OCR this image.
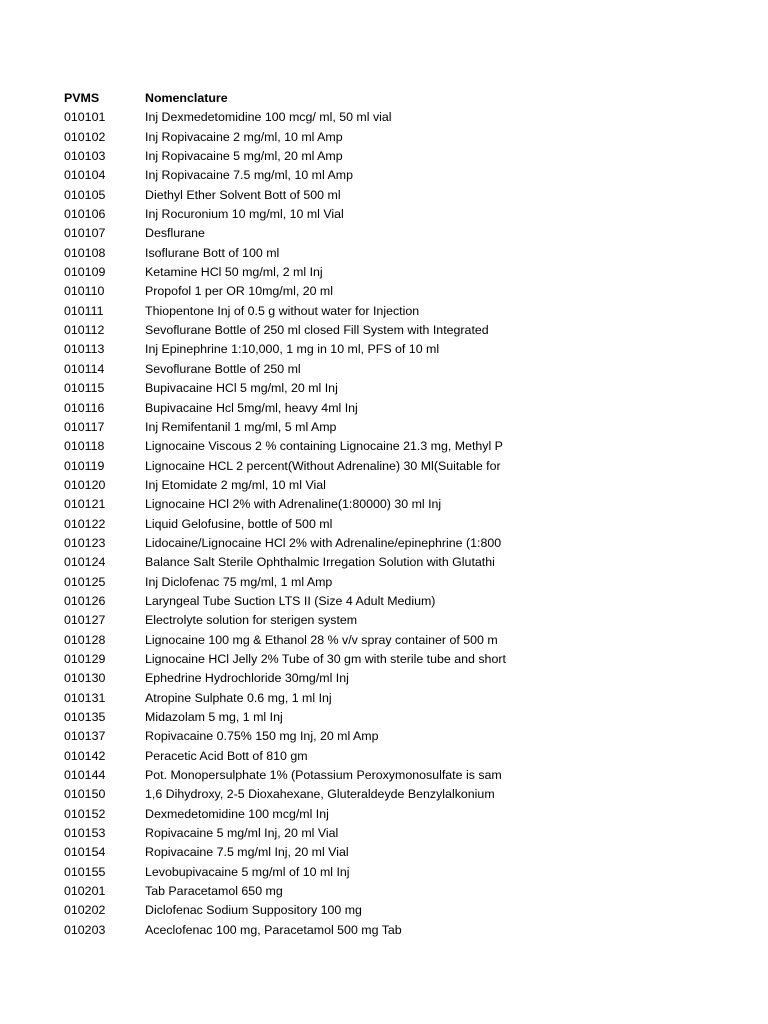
PVMS	Nomenclature
010101	Inj Dexmedetomidine 100 mcg/ ml, 50 ml vial
010102	Inj Ropivacaine 2 mg/ml, 10 ml Amp
010103	Inj Ropivacaine 5 mg/ml, 20 ml Amp
010104	Inj Ropivacaine 7.5 mg/ml, 10 ml Amp
010105	Diethyl Ether Solvent Bott of 500 ml
010106	Inj Rocuronium 10 mg/ml, 10 ml Vial
010107	Desflurane
010108	Isoflurane Bott of 100 ml
010109	Ketamine HCl 50 mg/ml, 2 ml Inj
010110	Propofol 1 per OR 10mg/ml, 20 ml
010111	Thiopentone Inj of 0.5 g without water for Injection
010112	Sevoflurane Bottle of 250 ml closed Fill System with Integrated
010113	Inj Epinephrine 1:10,000, 1 mg in 10 ml, PFS of 10 ml
010114	Sevoflurane Bottle of 250 ml
010115	Bupivacaine HCl 5 mg/ml, 20 ml Inj
010116	Bupivacaine Hcl 5mg/ml, heavy 4ml Inj
010117	Inj Remifentanil 1 mg/ml, 5 ml Amp
010118	Lignocaine Viscous 2 % containing Lignocaine 21.3 mg, Methyl P
010119	Lignocaine HCL 2 percent(Without Adrenaline) 30 Ml(Suitable for
010120	Inj Etomidate 2 mg/ml, 10 ml Vial
010121	Lignocaine HCl 2% with Adrenaline(1:80000) 30 ml Inj
010122	Liquid Gelofusine, bottle of 500 ml
010123	Lidocaine/Lignocaine HCl 2% with Adrenaline/epinephrine (1:800
010124	Balance Salt Sterile Ophthalmic Irregation Solution with Glutathi
010125	Inj Diclofenac 75 mg/ml, 1 ml Amp
010126	Laryngeal Tube Suction LTS II (Size 4 Adult Medium)
010127	Electrolyte solution for sterigen system
010128	Lignocaine 100 mg & Ethanol 28 % v/v spray container of 500 m
010129	Lignocaine HCl Jelly 2% Tube of 30 gm with sterile tube and short
010130	Ephedrine Hydrochloride 30mg/ml Inj
010131	Atropine Sulphate 0.6 mg, 1 ml Inj
010135	Midazolam 5 mg, 1 ml Inj
010137	Ropivacaine 0.75% 150 mg Inj, 20 ml Amp
010142	Peracetic Acid Bott of 810 gm
010144	Pot. Monopersulphate 1% (Potassium Peroxymonosulfate is sam
010150	1,6 Dihydroxy, 2-5 Dioxahexane, Gluteraldeyde Benzylalkonium
010152	Dexmedetomidine 100 mcg/ml Inj
010153	Ropivacaine 5 mg/ml Inj, 20 ml Vial
010154	Ropivacaine 7.5 mg/ml Inj, 20 ml Vial
010155	Levobupivacaine 5 mg/ml of 10 ml Inj
010201	Tab Paracetamol 650 mg
010202	Diclofenac Sodium Suppository 100 mg
010203	Aceclofenac 100 mg, Paracetamol 500 mg Tab
